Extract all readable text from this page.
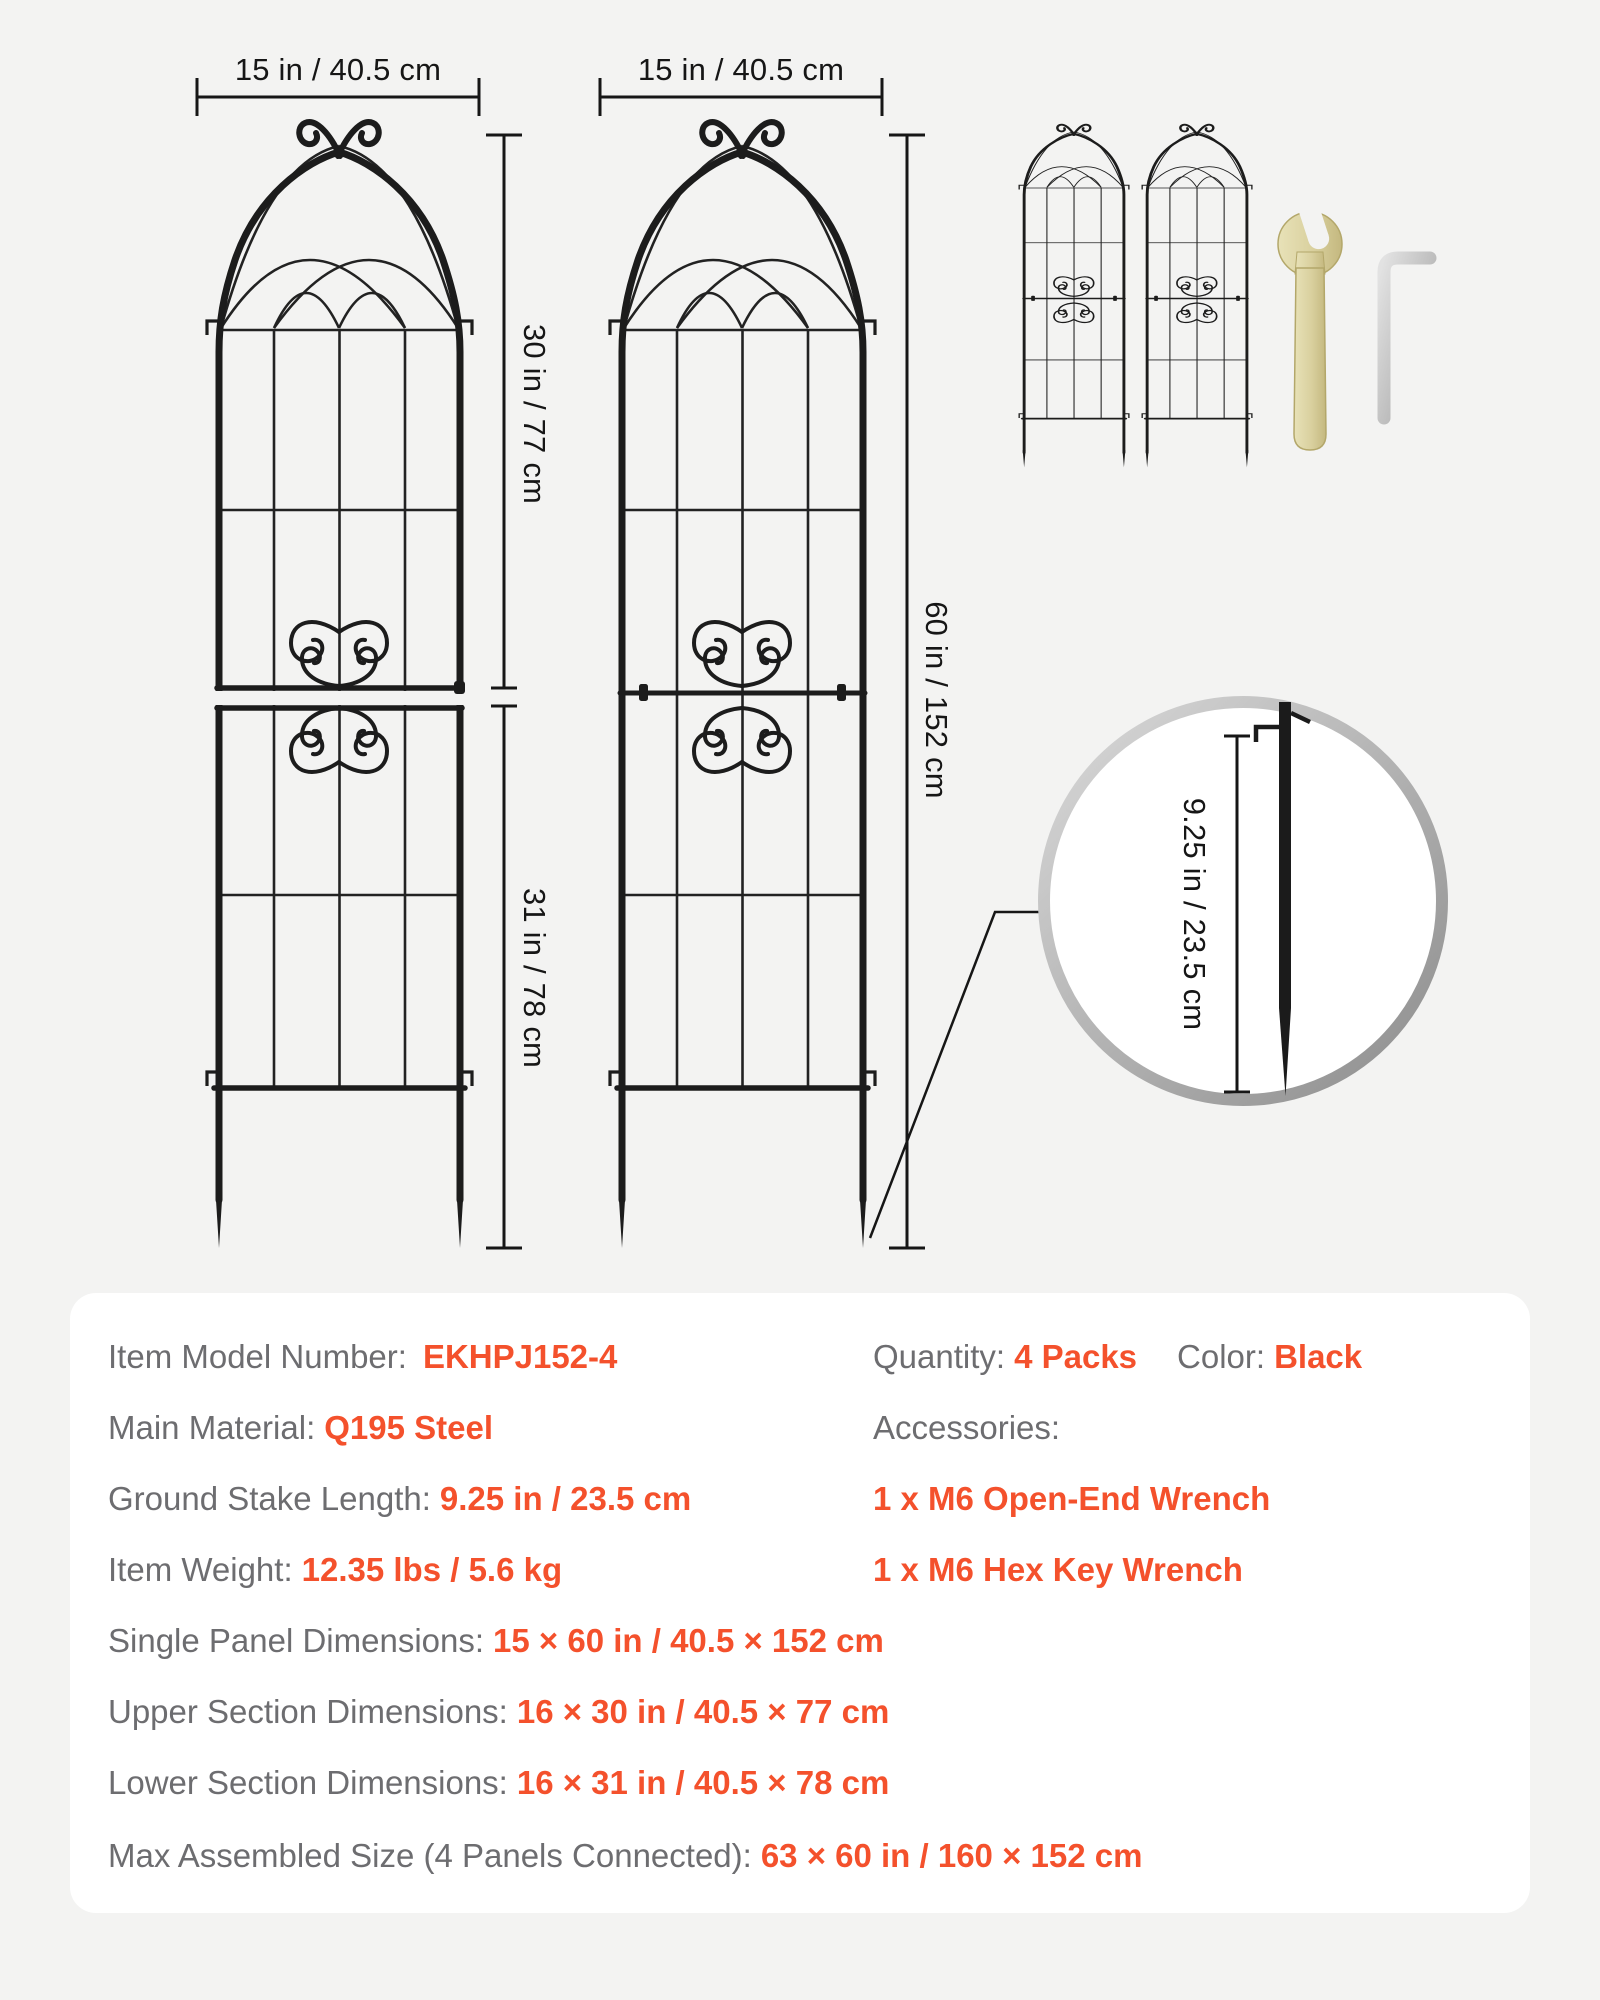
15 in / 40.5 cm	15 in / 40.5 cm
30 in / 77 cm
31 in / 78 cm
60 in / 152 cm
9.25 in / 23.5 cm
Item Model Number: EKHPJ152-4
Main Material: Q195 Steel
Ground Stake Length: 9.25 in / 23.5 cm
Item Weight: 12.35 lbs / 5.6 kg
Quantity: 4 Packs Color: Black
Accessories:
1 x M6 Open-End Wrench
1 x M6 Hex Key Wrench
Single Panel Dimensions: 15 × 60 in / 40.5 × 152 cm
Upper Section Dimensions: 16 × 30 in / 40.5 × 77 cm
Lower Section Dimensions: 16 × 31 in / 40.5 × 78 cm
Max Assembled Size (4 Panels Connected): 63 × 60 in / 160 × 152 cm
